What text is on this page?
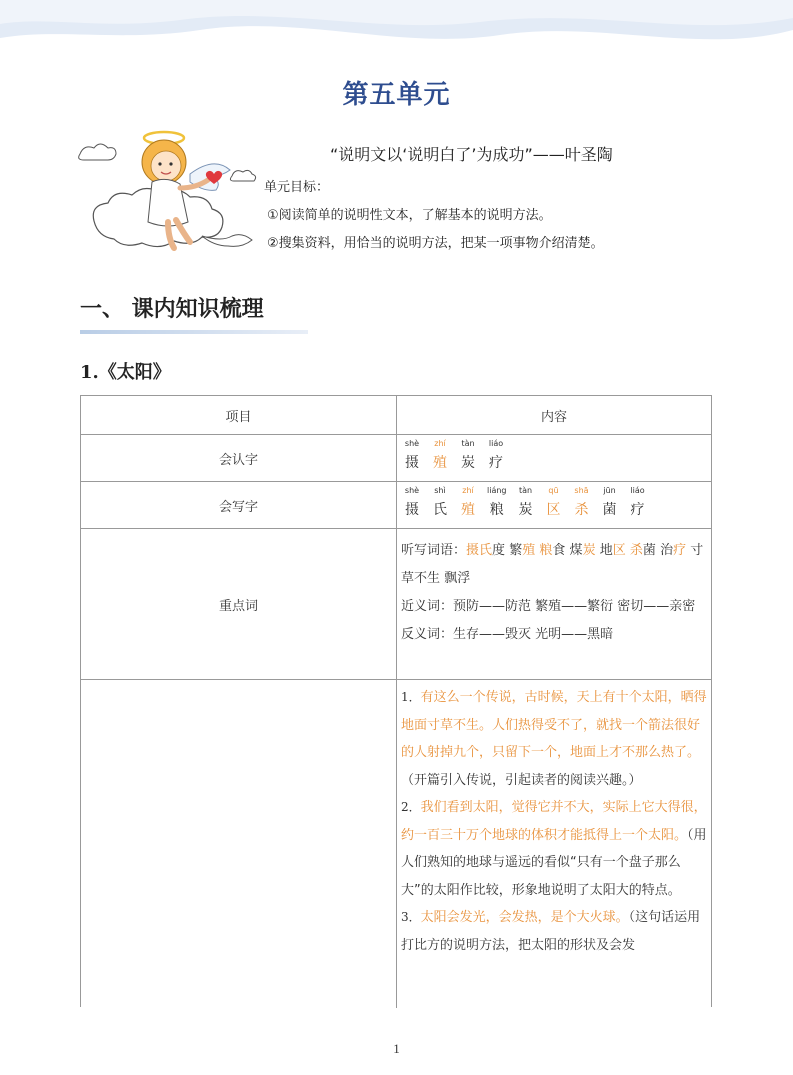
第五单元
“说明文以‘说明白了’为成功”——叶圣陶
单元目标：
①阅读简单的说明性文本，了解基本的说明方法。
②搜集资料，用恰当的说明方法，把某一项事物介绍清楚。
一、 课内知识梳理
1.《太阳》
项目	内容
会认字
shè
摄
zhí
殖
tàn
炭
liáo
疗
会写字
shè
摄
shì
氏
zhí
殖
liáng
粮
tàn
炭
qū
区
shā
杀
jūn
菌
liáo
疗
重点词
听写词语：摄氏度 繁殖 粮食 煤炭 地区 杀菌 治疗 寸草不生 飘浮
近义词：预防——防范 繁殖——繁衍 密切——亲密
反义词：生存——毁灭 光明——黑暗
1．有这么一个传说，古时候，天上有十个太阳，晒得地面寸草不生。人们热得受不了，就找一个箭法很好的人射掉九个，只留下一个，地面上才不那么热了。（开篇引入传说，引起读者的阅读兴趣。）
2．我们看到太阳，觉得它并不大，实际上它大得很，约一百三十万个地球的体积才能抵得上一个太阳。（用人们熟知的地球与遥远的看似“只有一个盘子那么大”的太阳作比较，形象地说明了太阳大的特点。
3．太阳会发光，会发热，是个大火球。（这句话运用打比方的说明方法，把太阳的形状及会发
1
